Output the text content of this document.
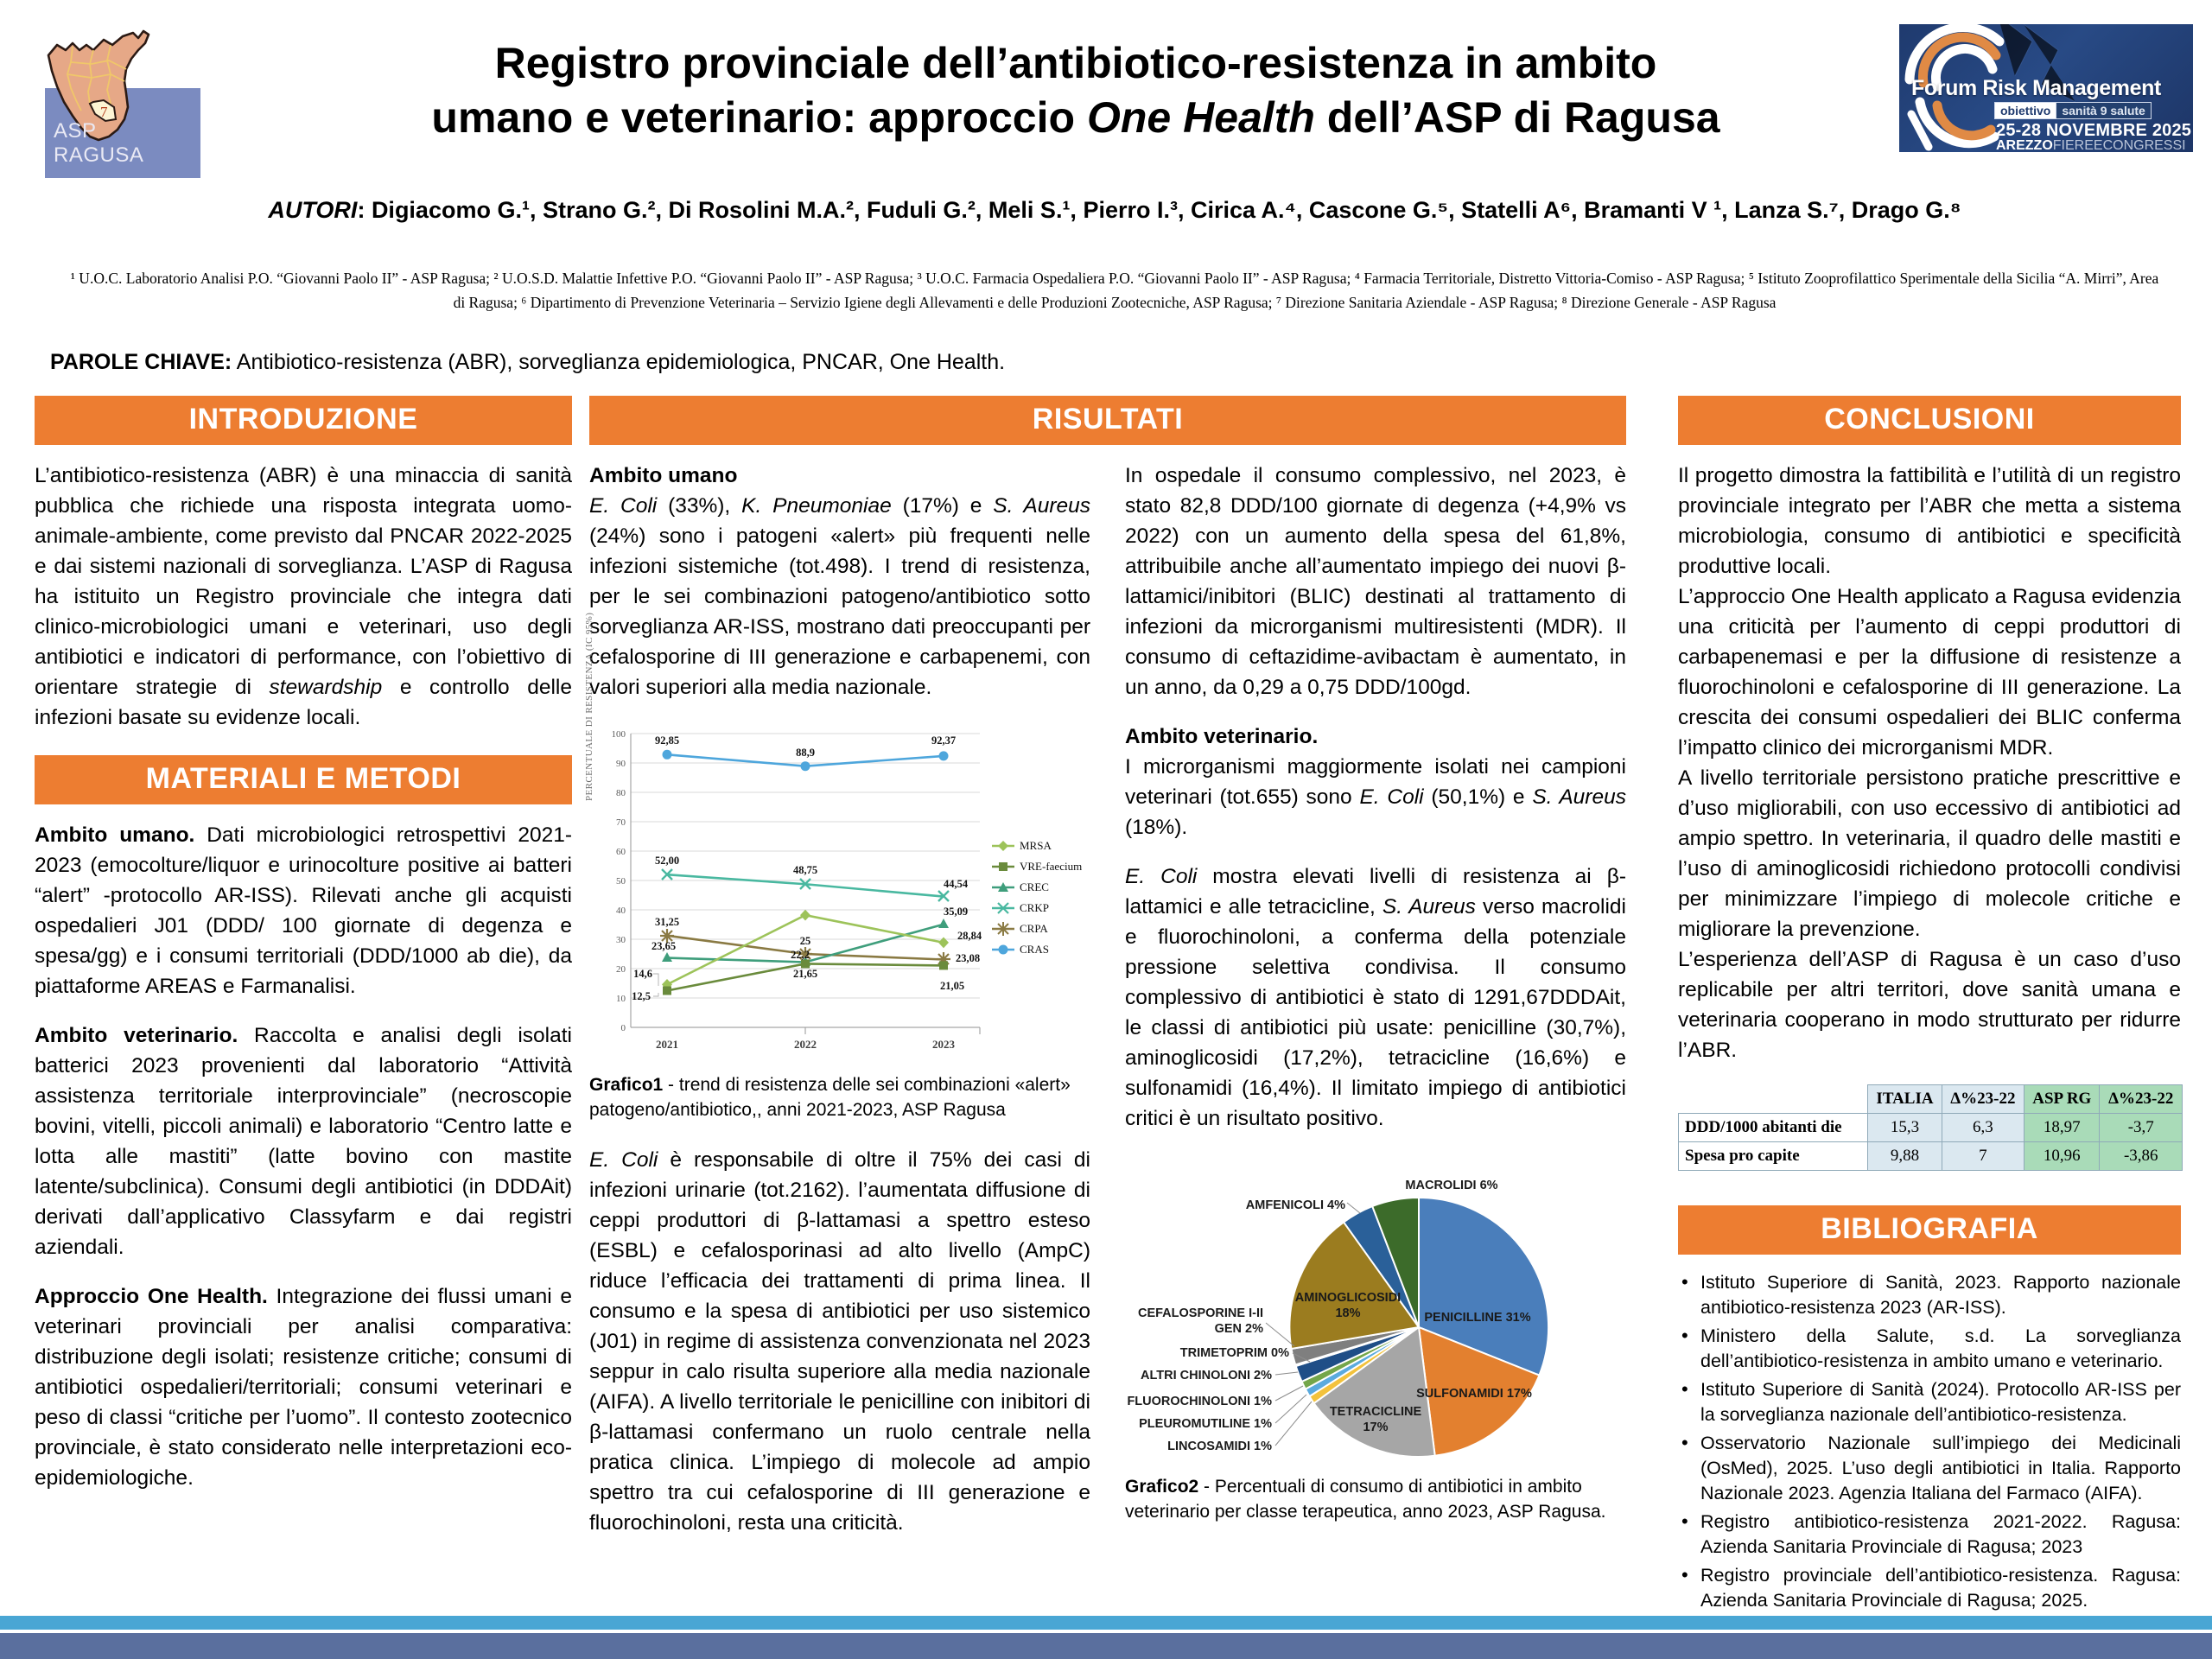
7
ASP
RAGUSA
Forum Risk Management
obiettivo sanità 9 salute
25-28 NOVEMBRE 2025
AREZZOFIEREECONGRESSI
Registro provinciale dell’antibiotico-resistenza in ambito
umano e veterinario: approccio One Health dell’ASP di Ragusa
AUTORI: Digiacomo G.¹, Strano G.², Di Rosolini M.A.², Fuduli G.², Meli S.¹, Pierro I.³, Cirica A.⁴, Cascone G.⁵, Statelli A⁶, Bramanti V ¹, Lanza S.⁷, Drago G.⁸
¹ U.O.C. Laboratorio Analisi P.O. “Giovanni Paolo II” - ASP Ragusa; ² U.O.S.D. Malattie Infettive P.O. “Giovanni Paolo II” - ASP Ragusa; ³ U.O.C. Farmacia Ospedaliera P.O. “Giovanni Paolo II” - ASP Ragusa; ⁴ Farmacia Territoriale, Distretto Vittoria-Comiso - ASP Ragusa; ⁵ Istituto Zooprofilattico Sperimentale della Sicilia “A. Mirri”, Area di Ragusa; ⁶ Dipartimento di Prevenzione Veterinaria – Servizio Igiene degli Allevamenti e delle Produzioni Zootecniche, ASP Ragusa; ⁷ Direzione Sanitaria Aziendale - ASP Ragusa; ⁸ Direzione Generale - ASP Ragusa
PAROLE CHIAVE: Antibiotico-resistenza (ABR), sorveglianza epidemiologica, PNCAR, One Health.
INTRODUZIONE

L’antibiotico-resistenza (ABR) è una minaccia di sanità pubblica che richiede una risposta integrata uomo-animale-ambiente, come previsto dal PNCAR 2022-2025 e dai sistemi nazionali di sorveglianza. L’ASP di Ragusa ha istituito un Registro provinciale che integra dati clinico-microbiologici umani e veterinari, uso degli antibiotici e indicatori di performance, con l’obiettivo di orientare strategie di stewardship e controllo delle infezioni basate su evidenze locali.

MATERIALI E METODI

Ambito umano. Dati microbiologici retrospettivi 2021-2023 (emocolture/liquor e urinocolture positive ai batteri “alert” -protocollo AR-ISS). Rilevati anche gli acquisti ospedalieri J01 (DDD/ 100 giornate di degenza e spesa/gg) e i consumi territoriali (DDD/1000 ab die), da piattaforme AREAS e Farmanalisi.

Ambito veterinario. Raccolta e analisi degli isolati batterici 2023 provenienti dal laboratorio “Attività assistenza territoriale interprovinciale” (necroscopie bovini, vitelli, piccoli animali) e laboratorio “Centro latte e lotta alle mastiti” (latte bovino con mastite latente/subclinica). Consumi degli antibiotici (in DDDAit) derivati dall’applicativo Classyfarm e dai registri aziendali.

Approccio One Health. Integrazione dei flussi umani e veterinari provinciali per analisi comparativa: distribuzione degli isolati; resistenze critiche; consumi di antibiotici ospedalieri/territoriali; consumi veterinari e peso di classi “critiche per l’uomo”. Il contesto zootecnico provinciale, è stato considerato nelle interpretazioni eco-epidemiologiche.

RISULTATI

Ambito umano

E. Coli (33%), K. Pneumoniae (17%) e S. Aureus (24%) sono i patogeni «alert» più frequenti nelle infezioni sistemiche (tot.498). I trend di resistenza, per le sei combinazioni patogeno/antibiotico sotto sorveglianza AR-ISS, mostrano dati preoccupanti per cefalosporine di III generazione e carbapenemi, con valori superiori alla media nazionale.

PERCENTUALE DI RESISTENZA (IC 95%) 100
90
80
70
60
50
40
30
20
10
0
2021	2022	2023
92,85
88,9
92,37
52,00
48,75
44,54
31,25
25
23,08
23,65
22,2
35,09
14,6
28,84
12,5
21,65
21,05
MRSA
VRE-faecium
CREC
CRKP
CRPA
CRAS
Grafico1 - trend di resistenza delle sei combinazioni «alert» patogeno/antibiotico,, anni 2021-2023, ASP Ragusa

E. Coli è responsabile di oltre il 75% dei casi di infezioni urinarie (tot.2162). l’aumentata diffusione di ceppi produttori di β-lattamasi a spettro esteso (ESBL) e cefalosporinasi ad alto livello (AmpC) riduce l’efficacia dei trattamenti di prima linea. Il consumo e la spesa di antibiotici per uso sistemico (J01) in regime di assistenza convenzionata nel 2023 seppur in calo risulta superiore alla media nazionale (AIFA). A livello territoriale le penicilline con inibitori di β-lattamasi confermano un ruolo centrale nella pratica clinica. L’impiego di molecole ad ampio spettro tra cui cefalosporine di III generazione e fluorochinoloni, resta una criticità.

In ospedale il consumo complessivo, nel 2023, è stato 82,8 DDD/100 giornate di degenza (+4,9% vs 2022) con un aumento della spesa del 61,8%, attribuibile anche all’aumentato impiego dei nuovi β-lattamici/inibitori (BLIC) destinati al trattamento di infezioni da microrganismi multiresistenti (MDR). Il consumo di ceftazidime-avibactam è aumentato, in un anno, da 0,29 a 0,75 DDD/100gd.

Ambito veterinario.

I microrganismi maggiormente isolati nei campioni veterinari (tot.655) sono E. Coli (50,1%) e S. Aureus (18%).

E. Coli mostra elevati livelli di resistenza ai β-lattamici e alle tetracicline, S. Aureus verso macrolidi e fluorochinoloni, a conferma della potenziale pressione selettiva condivisa. Il consumo complessivo di antibiotici è stato di 1291,67DDDAit, le classi di antibiotici più usate: penicilline (30,7%), aminoglicosidi (17,2%), tetracicline (16,6%) e sulfonamidi (16,4%). Il limitato impiego di antibiotici critici è un risultato positivo.

PENICILLINE 31%
SULFONAMIDI 17%
TETRACICLINE
17%
AMINOGLICOSIDI
18%
MACROLIDI 6%
AMFENICOLI 4%
CEFALOSPORINE I-II
GEN 2%
TRIMETOPRIM 0%
ALTRI CHINOLONI 2%
FLUOROCHINOLONI 1%
PLEUROMUTILINE 1%
LINCOSAMIDI 1%
Grafico2 - Percentuali di consumo di antibiotici in ambito veterinario per classe terapeutica, anno 2023, ASP Ragusa.
CONCLUSIONI

Il progetto dimostra la fattibilità e l’utilità di un registro provinciale integrato per l’ABR che metta a sistema microbiologia, consumo di antibiotici e specificità produttive locali.

L’approccio One Health applicato a Ragusa evidenzia una criticità per l’aumento di ceppi produttori di carbapenemasi e per la diffusione di resistenze a fluorochinoloni e cefalosporine di III generazione. La crescita dei consumi ospedalieri dei BLIC conferma l’impatto clinico dei microrganismi MDR.

A livello territoriale persistono pratiche prescrittive e d’uso migliorabili, con uso eccessivo di antibiotici ad ampio spettro. In veterinaria, il quadro delle mastiti e l’uso di aminoglicosidi richiedono protocolli condivisi per minimizzare l’impiego di molecole critiche e migliorare la prevenzione.

L’esperienza dell’ASP di Ragusa è un caso d’uso replicabile per altri territori, dove sanità umana e veterinaria cooperano in modo strutturato per ridurre l’ABR.

	ITALIA	Δ%23-22	ASP RG	Δ%23-22
DDD/1000 abitanti die	15,3	6,3	18,97	-3,7
Spesa pro capite	9,88	7	10,96	-3,86
BIBLIOGRAFIA
• Istituto Superiore di Sanità, 2023. Rapporto nazionale antibiotico-resistenza 2023 (AR-ISS).
• Ministero della Salute, s.d. La sorveglianza dell’antibiotico-resistenza in ambito umano e veterinario.
• Istituto Superiore di Sanità (2024). Protocollo AR-ISS per la sorveglianza nazionale dell’antibiotico-resistenza.
• Osservatorio Nazionale sull’impiego dei Medicinali (OsMed), 2025. L’uso degli antibiotici in Italia. Rapporto Nazionale 2023. Agenzia Italiana del Farmaco (AIFA).
• Registro antibiotico-resistenza 2021-2022. Ragusa: Azienda Sanitaria Provinciale di Ragusa; 2023
• Registro provinciale dell’antibiotico-resistenza. Ragusa: Azienda Sanitaria Provinciale di Ragusa; 2025.
